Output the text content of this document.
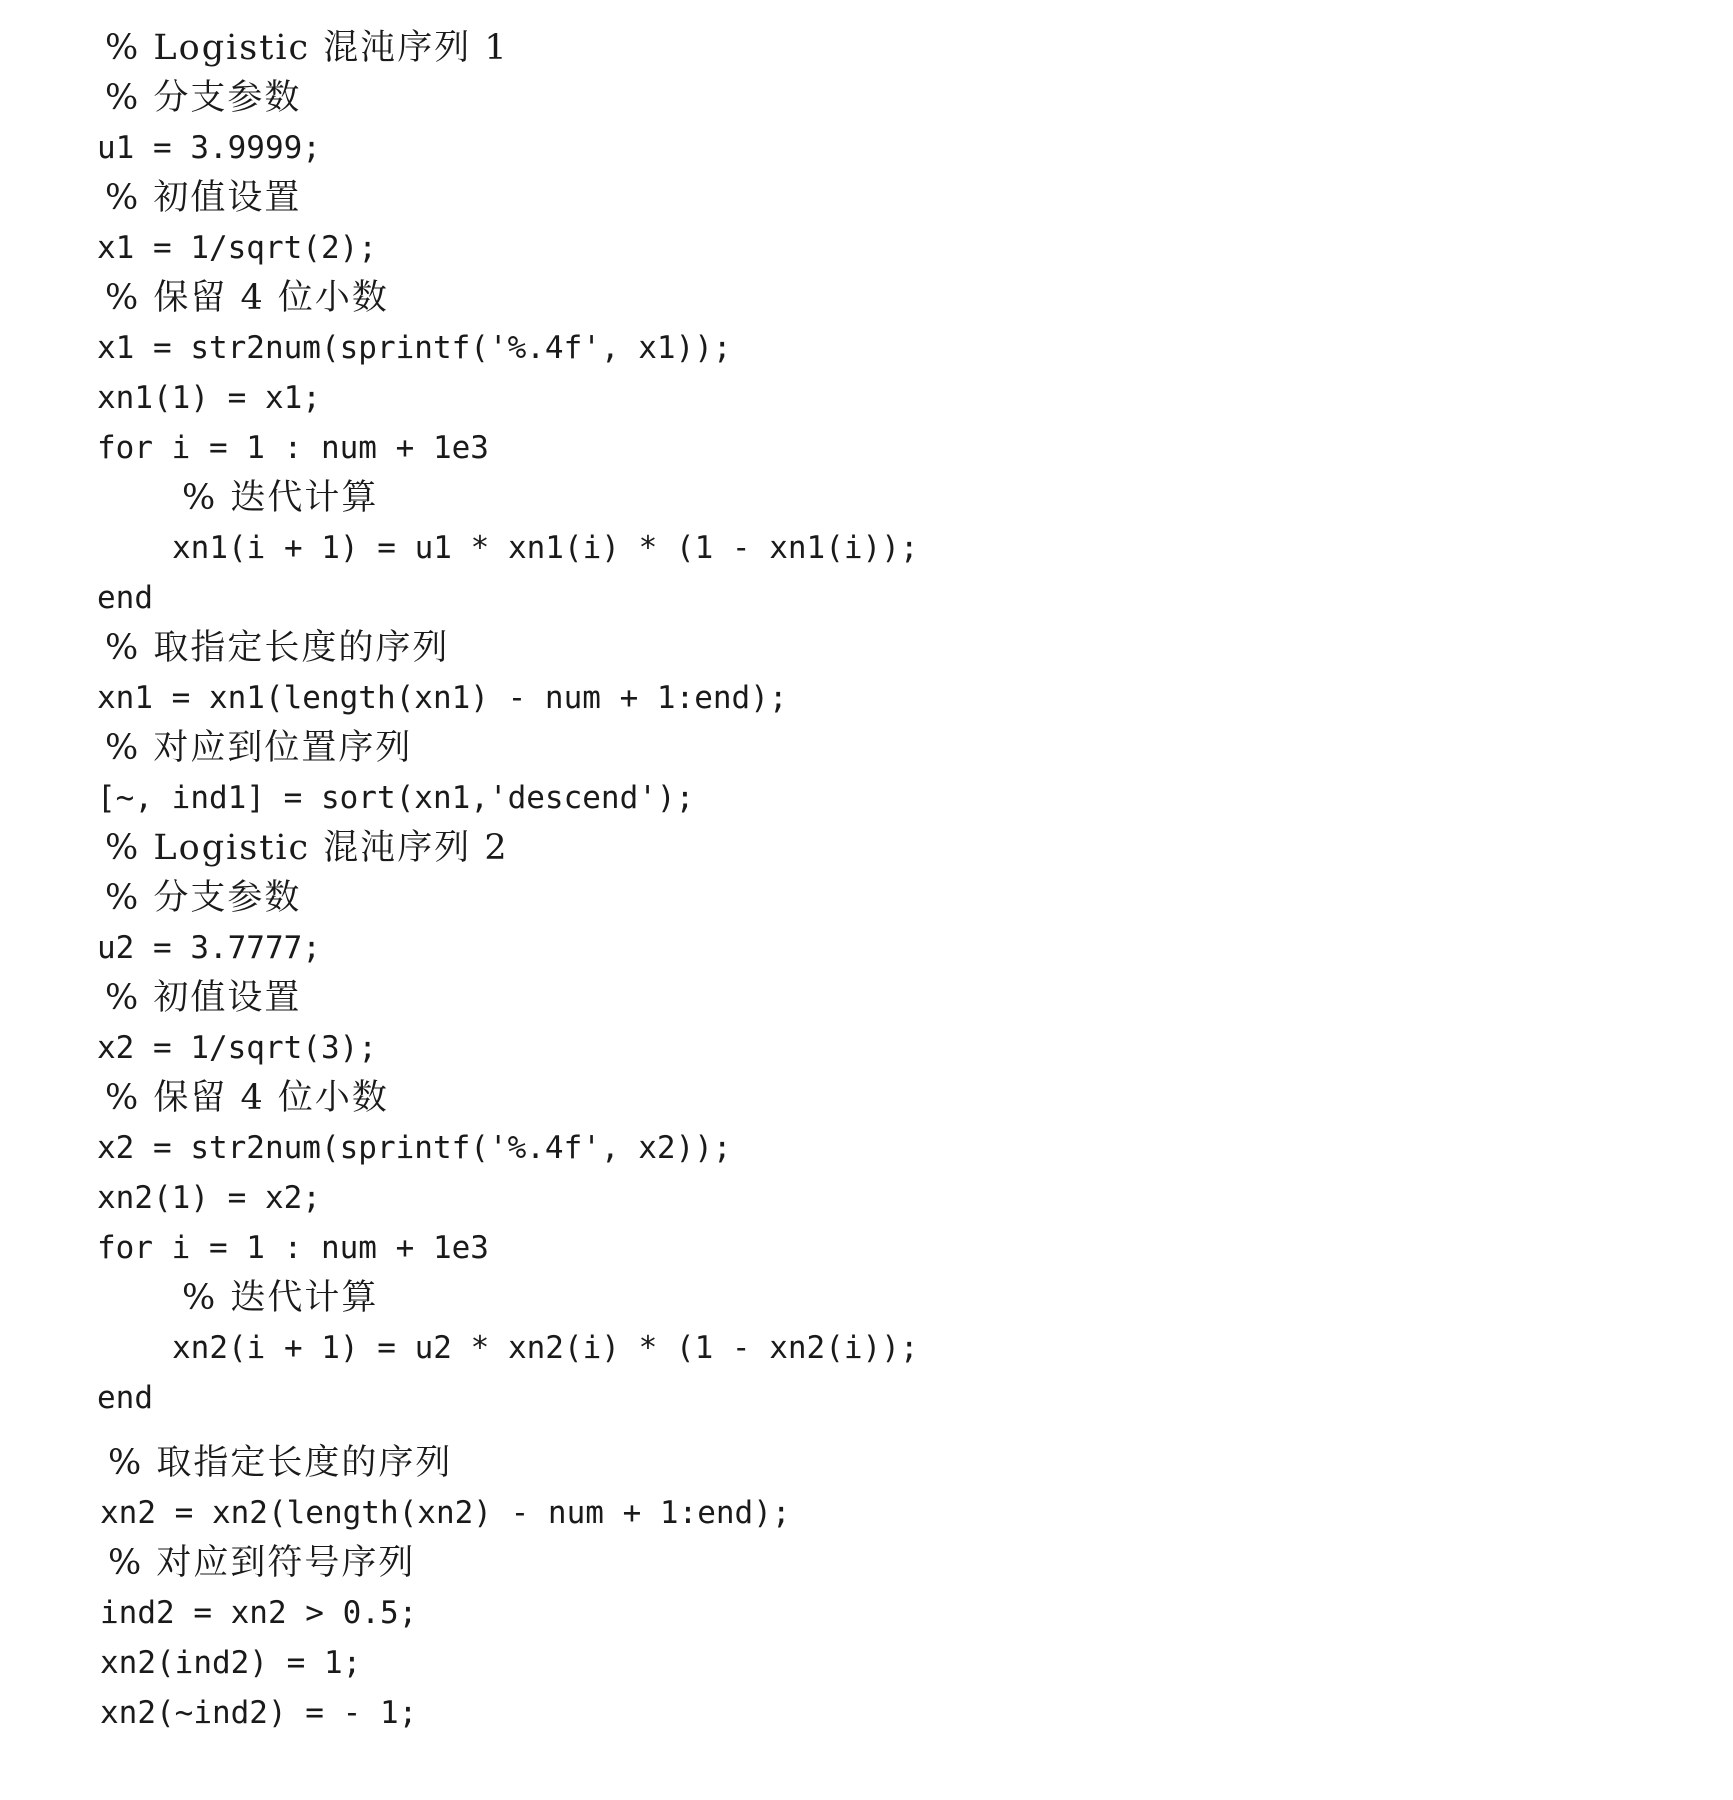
% Logistic 混沌序列 1

% 分支参数

u1 = 3.9999;

% 初值设置

x1 = 1/sqrt(2);

% 保留 4 位小数

x1 = str2num(sprintf('%.4f', x1));

xn1(1) = x1;

for i = 1 : num + 1e3

% 迭代计算

xn1(i + 1) = u1 * xn1(i) * (1 - xn1(i));

end

% 取指定长度的序列

xn1 = xn1(length(xn1) - num + 1:end);

% 对应到位置序列

[~, ind1] = sort(xn1,'descend');

% Logistic 混沌序列 2

% 分支参数

u2 = 3.7777;

% 初值设置

x2 = 1/sqrt(3);

% 保留 4 位小数

x2 = str2num(sprintf('%.4f', x2));

xn2(1) = x2;

for i = 1 : num + 1e3

% 迭代计算

xn2(i + 1) = u2 * xn2(i) * (1 - xn2(i));

end

% 取指定长度的序列

xn2 = xn2(length(xn2) - num + 1:end);

% 对应到符号序列

ind2 = xn2 > 0.5;

xn2(ind2) = 1;

xn2(~ind2) = - 1;
